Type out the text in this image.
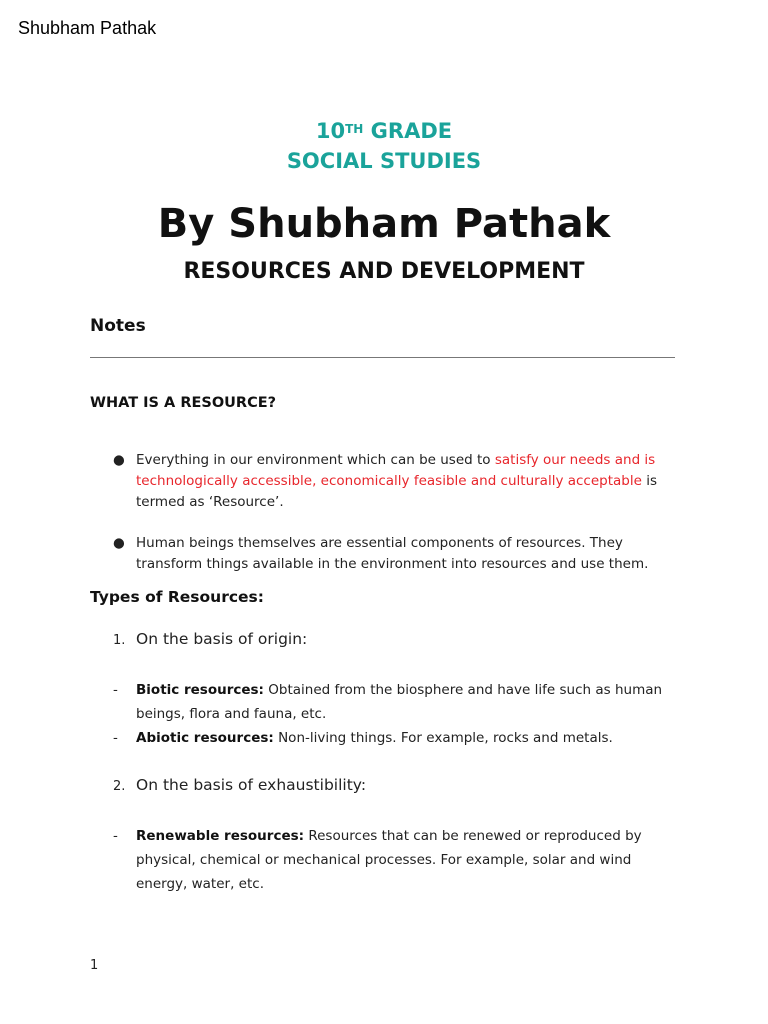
Shubham Pathak
10TH GRADE
SOCIAL STUDIES
By Shubham Pathak
RESOURCES AND DEVELOPMENT
Notes
WHAT IS A RESOURCE?
● Everything in our environment which can be used to satisfy our needs and is technologically accessible, economically feasible and culturally acceptable is termed as ‘Resource’.
● Human beings themselves are essential components of resources. They transform things available in the environment into resources and use them.
Types of Resources:
1. On the basis of origin:
- Biotic resources: Obtained from the biosphere and have life such as human beings, flora and fauna, etc.
- Abiotic resources: Non-living things. For example, rocks and metals.
2. On the basis of exhaustibility:
- Renewable resources: Resources that can be renewed or reproduced by physical, chemical or mechanical processes. For example, solar and wind energy, water, etc.
1
